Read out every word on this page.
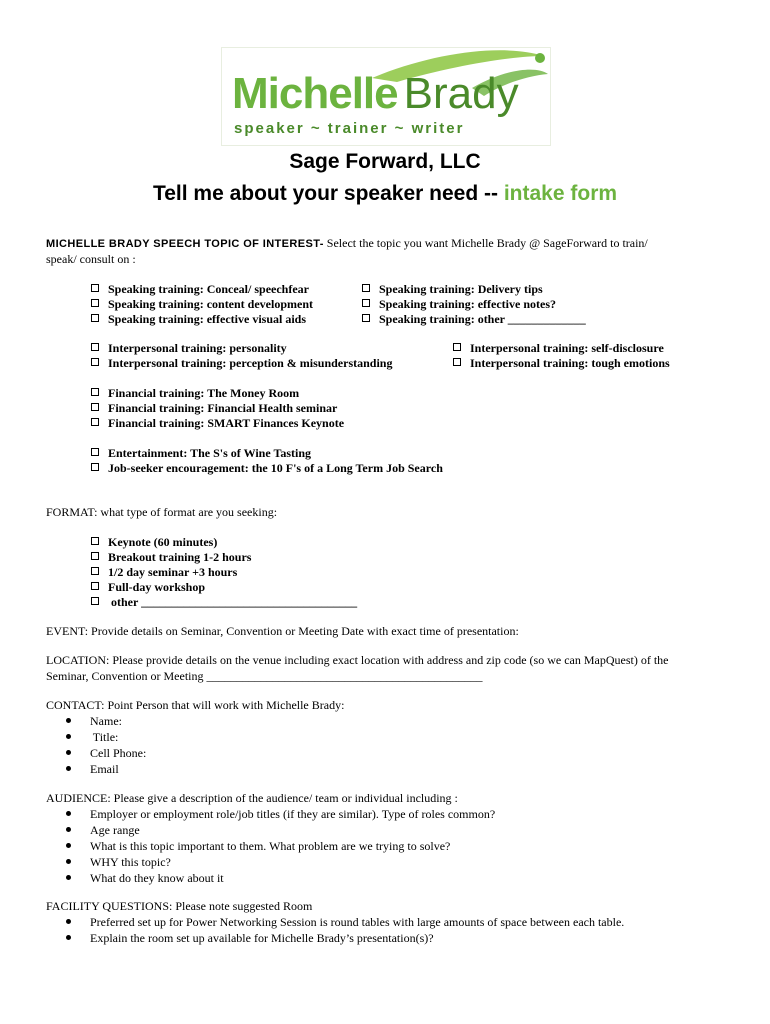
Michelle Brady
speaker ~ trainer ~ writer
Sage Forward, LLC
Tell me about your speaker need -- intake form
MICHELLE BRADY SPEECH TOPIC OF INTEREST- Select the topic you want Michelle Brady @ SageForward to train/
speak/ consult on :
Speaking training: Conceal/ speechfear
Speaking training: content development
Speaking training: effective visual aids
Speaking training: Delivery tips
Speaking training: effective notes?
Speaking training: other _____________
Interpersonal training: personality
Interpersonal training: perception & misunderstanding
Interpersonal training: self-disclosure
Interpersonal training: tough emotions
Financial training: The Money Room
Financial training: Financial Health seminar
Financial training: SMART Finances Keynote
Entertainment: The S's of Wine Tasting
Job-seeker encouragement: the 10 F's of a Long Term Job Search
FORMAT: what type of format are you seeking:
Keynote (60 minutes)
Breakout training 1-2 hours
1/2 day seminar +3 hours
Full-day workshop
other ____________________________________
EVENT: Provide details on Seminar, Convention or Meeting Date with exact time of presentation:
LOCATION: Please provide details on the venue including exact location with address and zip code (so we can MapQuest) of the
Seminar, Convention or Meeting ______________________________________________
CONTACT: Point Person that will work with Michelle Brady:
Name:
Title:
Cell Phone:
Email
AUDIENCE: Please give a description of the audience/ team or individual including :
Employer or employment role/job titles (if they are similar). Type of roles common?
Age range
What is this topic important to them. What problem are we trying to solve?
WHY this topic?
What do they know about it
FACILITY QUESTIONS: Please note suggested Room
Preferred set up for Power Networking Session is round tables with large amounts of space between each table.
Explain the room set up available for Michelle Brady’s presentation(s)?
